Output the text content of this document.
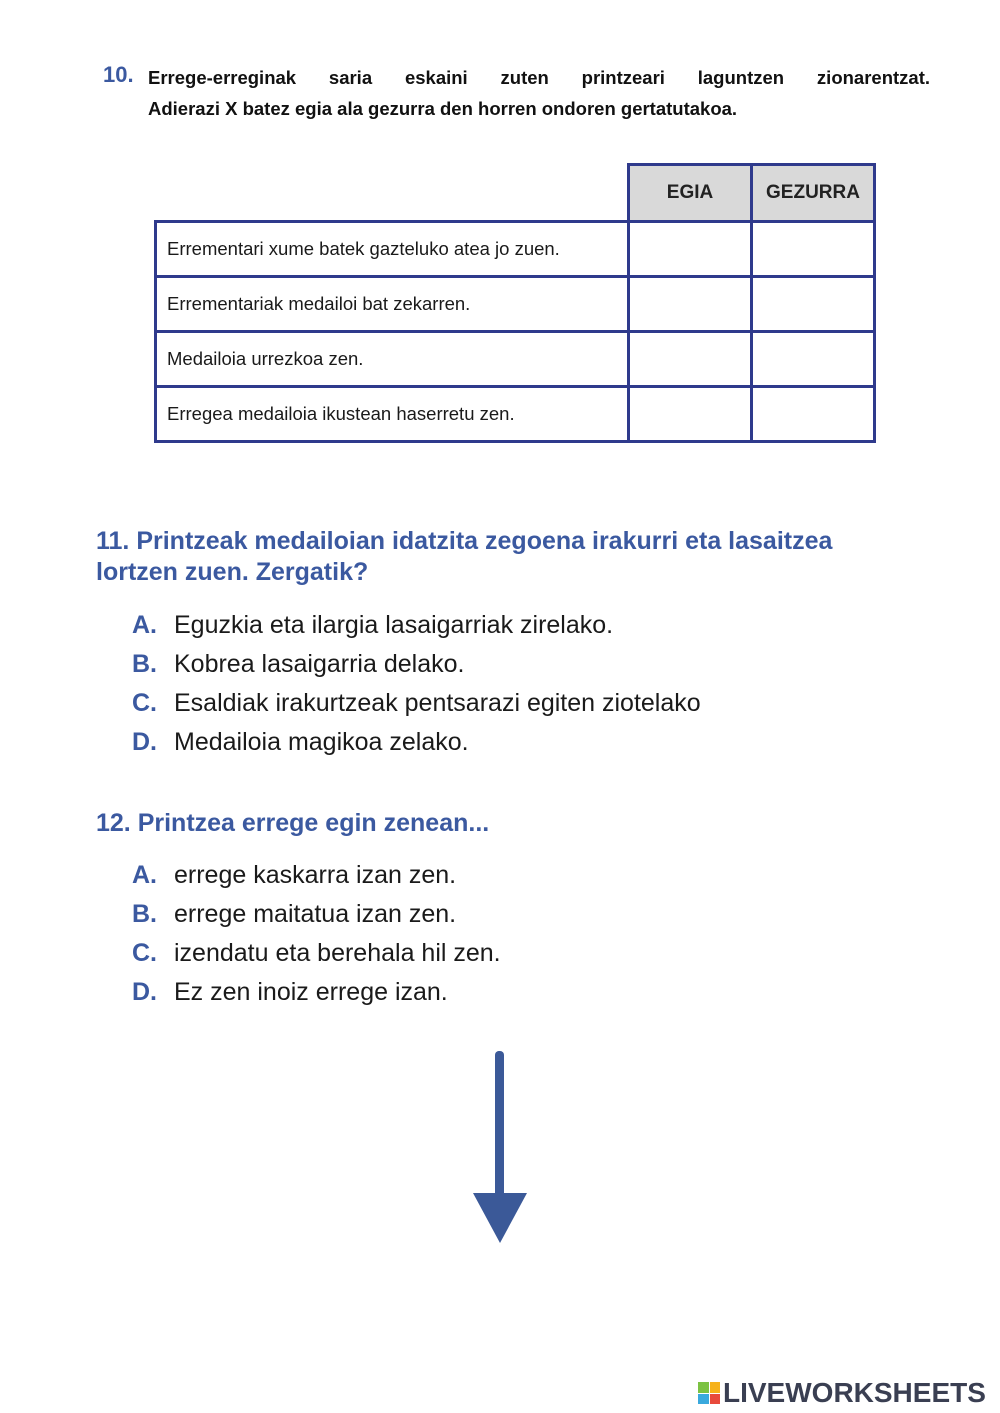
10. Errege-erreginak saria eskaini zuten printzeari laguntzen zionarentzat.
Adierazi X batez egia ala gezurra den horren ondoren gertatutakoa.
	EGIA	GEZURRA
Errementari xume batek gazteluko atea jo zuen.		
Errementariak medailoi bat zekarren.		
Medailoia urrezkoa zen.		
Erregea medailoia ikustean haserretu zen.		
11. Printzeak medailoian idatzita zegoena irakurri eta lasaitzea lortzen zuen. Zergatik?
A. Eguzkia eta ilargia lasaigarriak zirelako.
B. Kobrea lasaigarria delako.
C. Esaldiak irakurtzeak pentsarazi egiten ziotelako
D. Medailoia magikoa zelako.
12. Printzea errege egin zenean...
A. errege kaskarra izan zen.
B. errege maitatua izan zen.
C. izendatu eta berehala hil zen.
D. Ez zen inoiz errege izan.
LIVEWORKSHEETS
